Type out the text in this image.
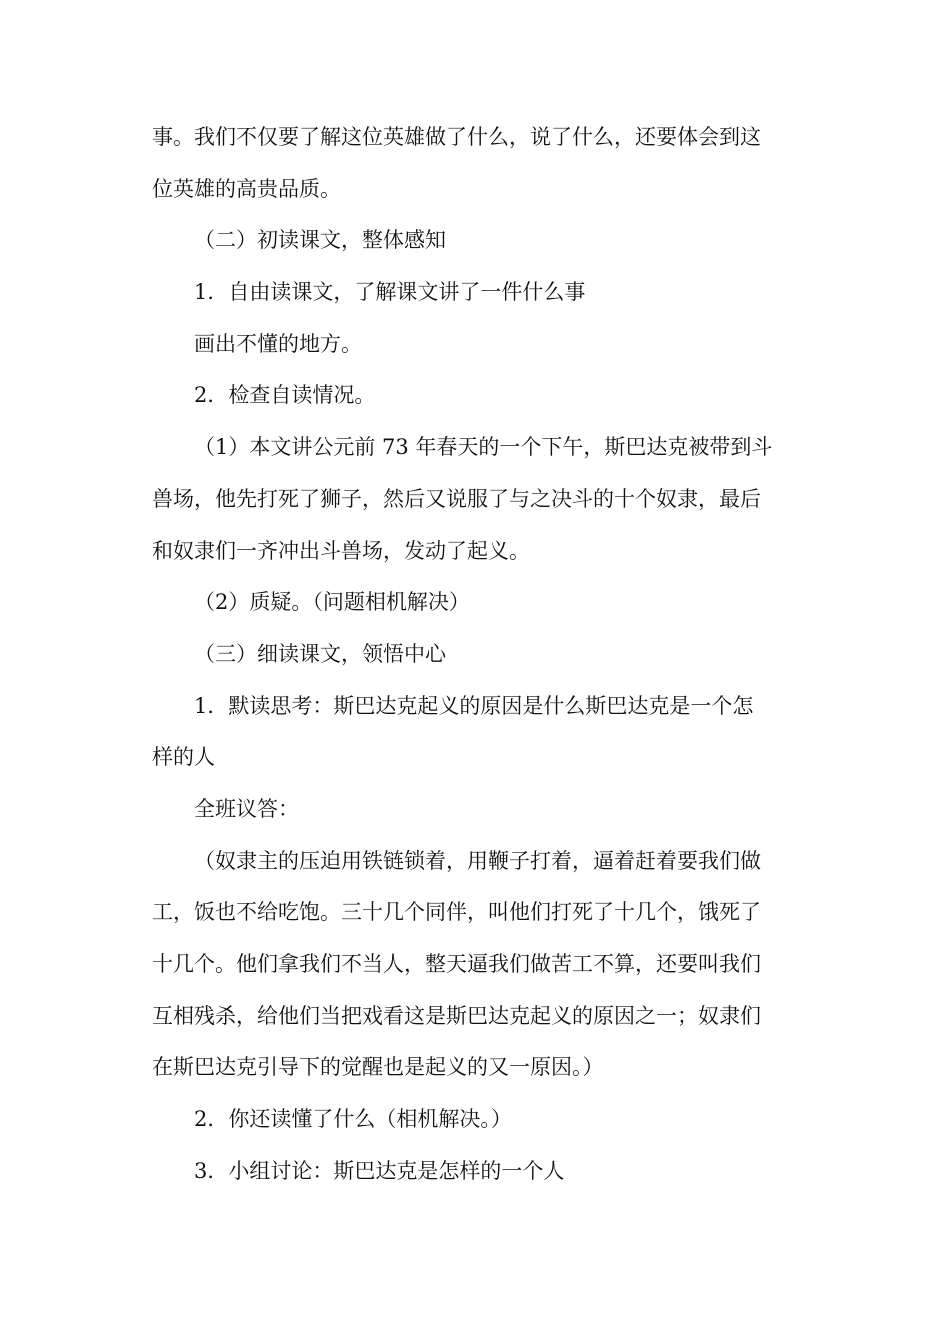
事。我们不仅要了解这位英雄做了什么，说了什么，还要体会到这
位英雄的高贵品质。
（二）初读课文，整体感知
1．自由读课文，了解课文讲了一件什么事
画出不懂的地方。
2．检查自读情况。
（1）本文讲公元前 73 年春天的一个下午，斯巴达克被带到斗
兽场，他先打死了狮子，然后又说服了与之决斗的十个奴隶，最后
和奴隶们一齐冲出斗兽场，发动了起义。
（2）质疑。（问题相机解决）
（三）细读课文，领悟中心
1．默读思考：斯巴达克起义的原因是什么斯巴达克是一个怎
样的人
全班议答：
（奴隶主的压迫用铁链锁着，用鞭子打着，逼着赶着要我们做
工，饭也不给吃饱。三十几个同伴，叫他们打死了十几个，饿死了
十几个。他们拿我们不当人，整天逼我们做苦工不算，还要叫我们
互相残杀，给他们当把戏看这是斯巴达克起义的原因之一；奴隶们
在斯巴达克引导下的觉醒也是起义的又一原因。）
2．你还读懂了什么（相机解决。）
3．小组讨论：斯巴达克是怎样的一个人
